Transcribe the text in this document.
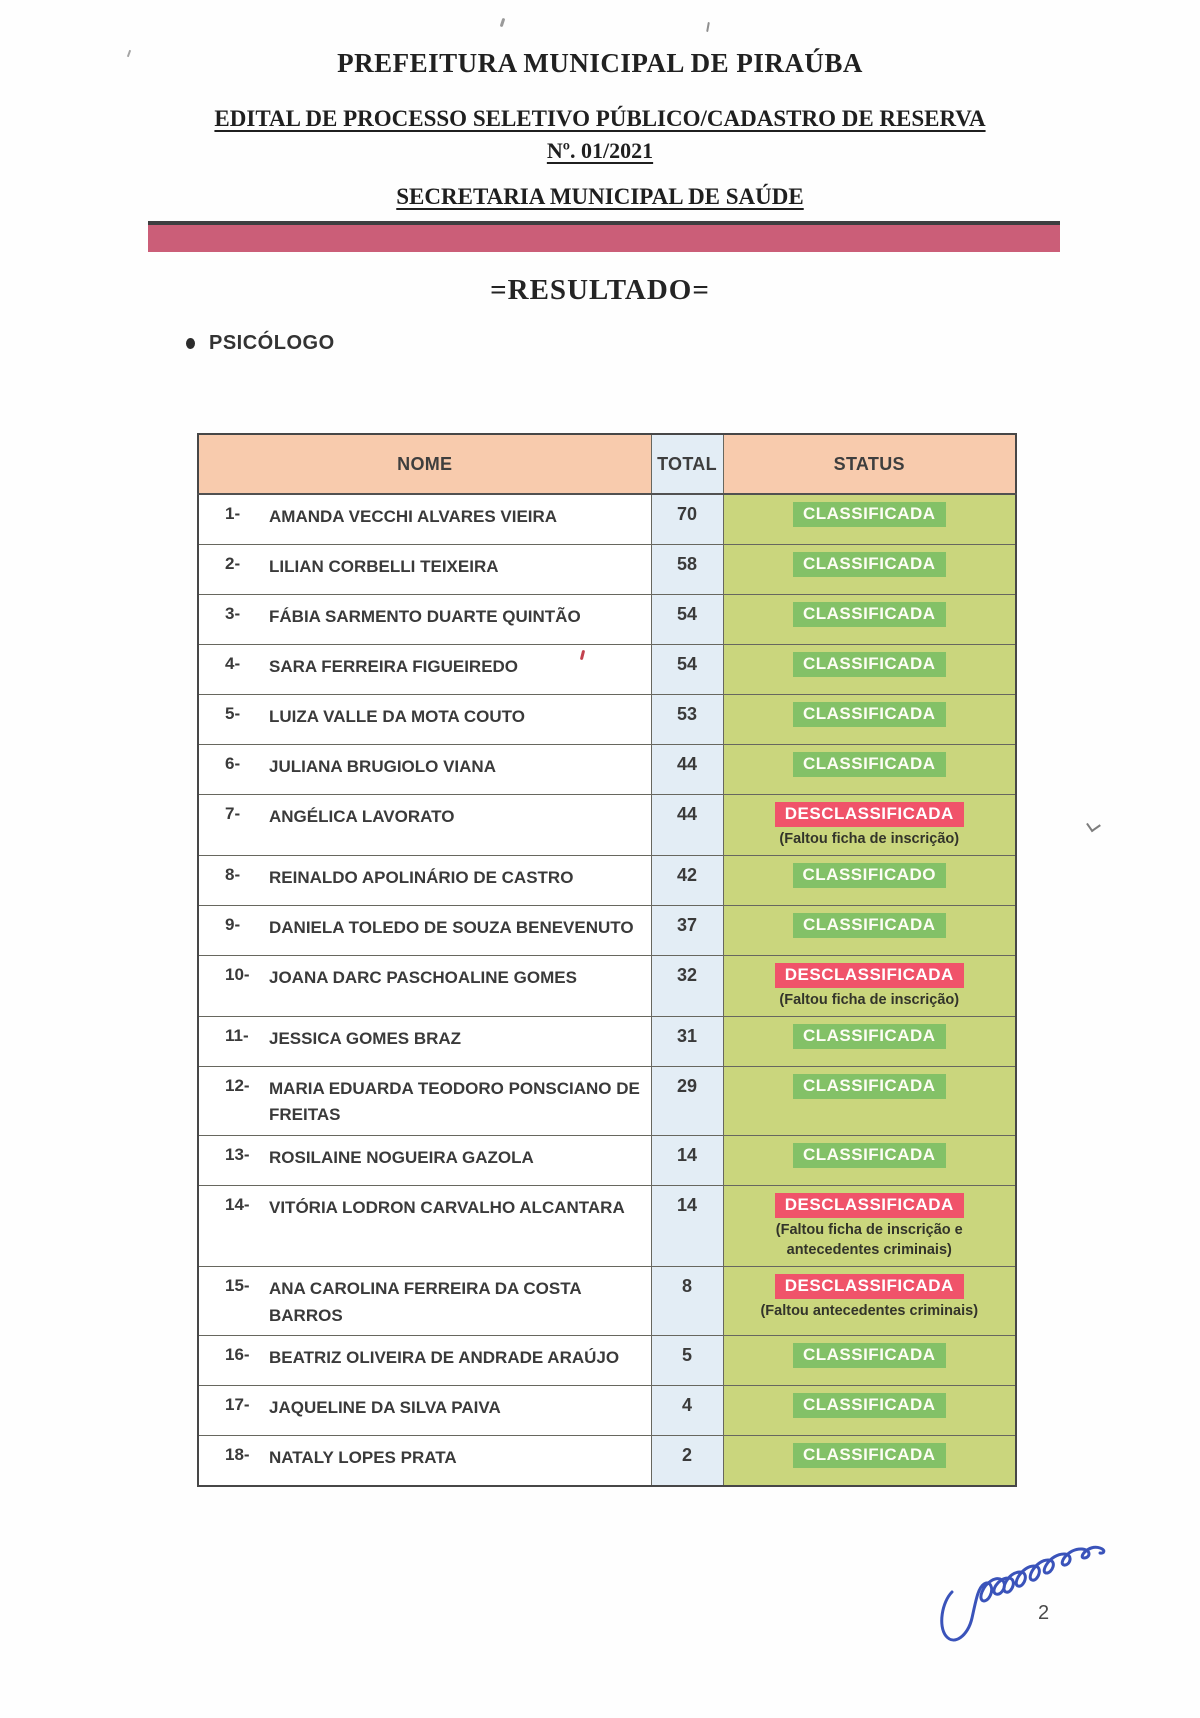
PREFEITURA MUNICIPAL DE PIRAÚBA
EDITAL DE PROCESSO SELETIVO PÚBLICO/CADASTRO DE RESERVA
Nº. 01/2021
SECRETARIA MUNICIPAL DE SAÚDE
=RESULTADO=
PSICÓLOGO
NOME	TOTAL	STATUS

1- AMANDA VECCHI ALVARES VIEIRA	70	CLASSIFICADA

2- LILIAN CORBELLI TEIXEIRA	58	CLASSIFICADA

3- FÁBIA SARMENTO DUARTE QUINTÃO	54	CLASSIFICADA

4- SARA FERREIRA FIGUEIREDO	54	CLASSIFICADA

5- LUIZA VALLE DA MOTA COUTO	53	CLASSIFICADA

6- JULIANA BRUGIOLO VIANA	44	CLASSIFICADA

7- ANGÉLICA LAVORATO	44	DESCLASSIFICADA
(Faltou ficha de inscrição)

8- REINALDO APOLINÁRIO DE CASTRO	42	CLASSIFICADO

9- DANIELA TOLEDO DE SOUZA BENEVENUTO	37	CLASSIFICADA

10- JOANA DARC PASCHOALINE GOMES	32	DESCLASSIFICADA
(Faltou ficha de inscrição)

11- JESSICA GOMES BRAZ	31	CLASSIFICADA

12- MARIA EDUARDA TEODORO PONSCIANO DE FREITAS	29	CLASSIFICADA

13- ROSILAINE NOGUEIRA GAZOLA	14	CLASSIFICADA

14- VITÓRIA LODRON CARVALHO ALCANTARA	14	DESCLASSIFICADA
(Faltou ficha de inscrição e antecedentes criminais)

15- ANA CAROLINA FERREIRA DA COSTA BARROS	8	DESCLASSIFICADA
(Faltou antecedentes criminais)

16- BEATRIZ OLIVEIRA DE ANDRADE ARAÚJO	5	CLASSIFICADA

17- JAQUELINE DA SILVA PAIVA	4	CLASSIFICADA

18- NATALY LOPES PRATA	2	CLASSIFICADA
2
